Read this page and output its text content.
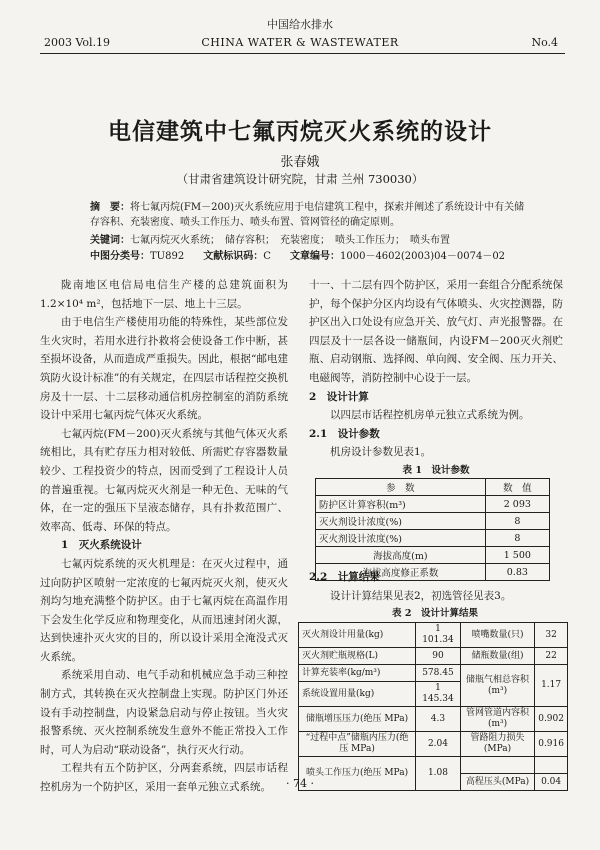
中国给水排水
2003 Vol.19	CHINA WATER & WASTEWATER	No.4
电信建筑中七氟丙烷灭火系统的设计
张春娥
（甘肃省建筑设计研究院，甘肃 兰州 730030）
摘　要：将七氟丙烷(FM－200)灭火系统应用于电信建筑工程中，探索并阐述了系统设计中有关储存容积、充装密度、喷头工作压力、喷头布置、管网管径的确定原则。
关键词：七氟丙烷灭火系统；　储存容积；　充装密度；　喷头工作压力；　喷头布置
中图分类号：TU892 文献标识码：C 文章编号：1000－4602(2003)04－0074－02

陇南地区电信局电信生产楼的总建筑面积为1.2×10⁴ m²，包括地下一层、地上十三层。

由于电信生产楼使用功能的特殊性，某些部位发生火灾时，若用水进行扑救将会使设备工作中断，甚至损坏设备，从而造成严重损失。因此，根据“邮电建筑防火设计标准”的有关规定，在四层市话程控交换机房及十一层、十二层移动通信机房控制室的消防系统设计中采用七氟丙烷气体灭火系统。

七氟丙烷(FM－200)灭火系统与其他气体灭火系统相比，具有贮存压力相对较低、所需贮存容器数量较少、工程投资少的特点，因而受到了工程设计人员的普遍重视。七氟丙烷灭火剂是一种无色、无味的气体，在一定的强压下呈液态储存，具有扑救范围广、效率高、低毒、环保的特点。

1　灭火系统设计

七氟丙烷系统的灭火机理是：在灭火过程中，通过向防护区喷射一定浓度的七氟丙烷灭火剂，使灭火剂均匀地充满整个防护区。由于七氟丙烷在高温作用下会发生化学反应和物理变化，从而迅速封闭火源，达到快速扑灭火灾的目的，所以设计采用全淹没式灭火系统。

系统采用自动、电气手动和机械应急手动三种控制方式，其转换在灭火控制盘上实现。防护区门外还设有手动控制盘，内设紧急启动与停止按钮。当火灾报警系统、灭火控制系统发生意外不能正常投入工作时，可人为启动“联动设备”，执行灭火行动。

工程共有五个防护区，分两套系统，四层市话程控机房为一个防护区，采用一套单元独立式系统。

十一、十二层有四个防护区，采用一套组合分配系统保护，每个保护分区内均设有气体喷头、火灾控测器，防护区出入口处设有应急开关、放气灯、声光报警器。在四层及十一层各设一储瓶间，内设FM－200灭火剂贮瓶、启动钢瓶、选择阀、单向阀、安全阀、压力开关、电磁阀等，消防控制中心设于一层。

2　设计计算

以四层市话程控机房单元独立式系统为例。

2.1　设计参数

机房设计参数见表1。

表 1　设计参数
参　数	数　值
防护区计算容积(m³)	2 093
灭火剂设计浓度(%)	8
灭火剂设计浓度(%)	8
海拔高度(m)	1 500
海拔高度修正系数	0.83

2.2　计算结果

设计计算结果见表2，初选管径见表3。

表 2　设计计算结果
灭火剂设计用量(kg)	1 101.34	喷嘴数量(只)	32
灭火剂贮瓶规格(L)	90	储瓶数量(组)	22
计算充装率(kg/m³)	578.45	储瓶气相总容积(m³)	1.17
系统设置用量(kg)	1 145.34		
储瓶增压压力(绝压 MPa)	4.3	管网管道内容积(m³)	0.902
“过程中点”储瓶内压力(绝压 MPa)	2.04	管路阻力损失(MPa)	0.916
喷头工作压力(绝压 MPa)	1.08		
		高程压头(MPa)	0.04
· 74 ·
